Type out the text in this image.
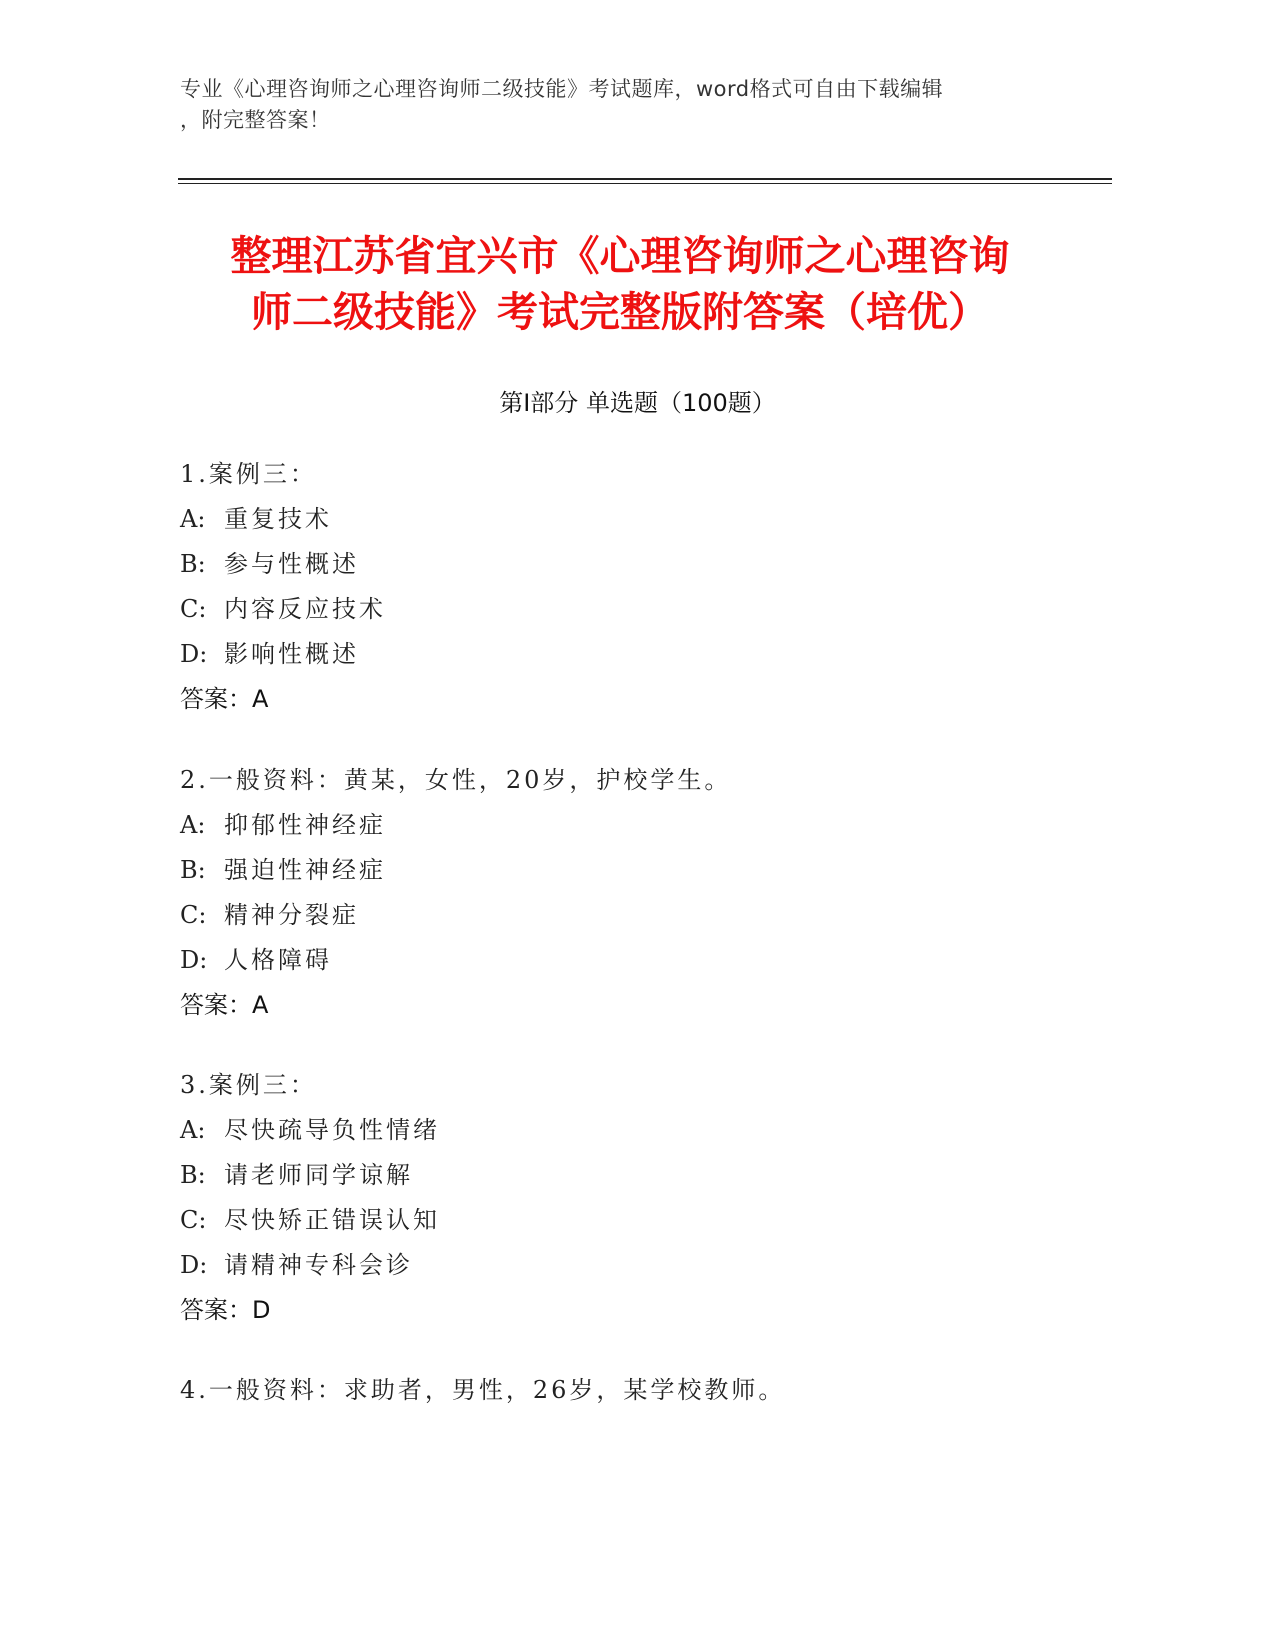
专业《心理咨询师之心理咨询师二级技能》考试题库，word格式可自由下载编辑
，附完整答案！
整理江苏省宜兴市《心理咨询师之心理咨询
师二级技能》考试完整版附答案（培优）
第Ⅰ部分 单选题（100题）
1.案例三：
A: 重复技术
B: 参与性概述
C: 内容反应技术
D: 影响性概述
答案：A
2.一般资料：黄某，女性，20岁，护校学生。
A: 抑郁性神经症
B: 强迫性神经症
C: 精神分裂症
D: 人格障碍
答案：A
3.案例三：
A: 尽快疏导负性情绪
B: 请老师同学谅解
C: 尽快矫正错误认知
D: 请精神专科会诊
答案：D
4.一般资料：求助者，男性，26岁，某学校教师。
